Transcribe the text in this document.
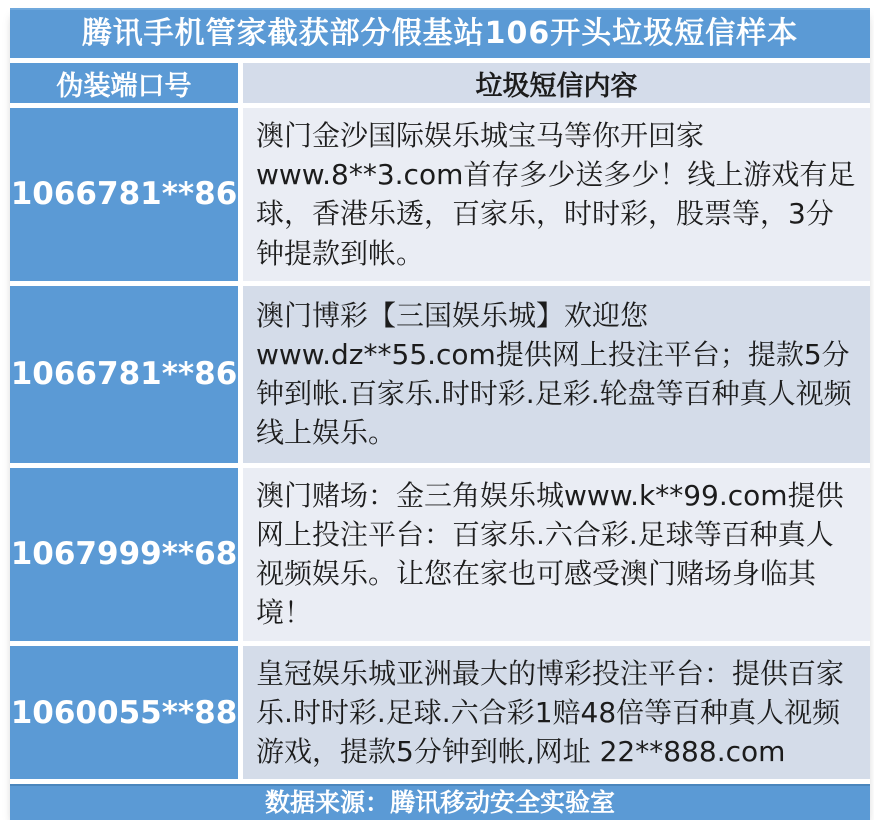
腾讯手机管家截获部分假基站106开头垃圾短信样本
伪装端口号	垃圾短信内容
1066781**86
澳门金沙国际娱乐城宝马等你开回家www.8**3.com首存多少送多少！线上游戏有足球，香港乐透，百家乐，时时彩，股票等，3分钟提款到帐。
1066781**86
澳门博彩【三国娱乐城】欢迎您www.dz**55.com提供网上投注平台；提款5分钟到帐.百家乐.时时彩.足彩.轮盘等百种真人视频线上娱乐。
1067999**68
澳门赌场：金三角娱乐城www.k**99.com提供网上投注平台：百家乐.六合彩.足球等百种真人视频娱乐。让您在家也可感受澳门赌场身临其境！
1060055**88
皇冠娱乐城亚洲最大的博彩投注平台：提供百家乐.时时彩.足球.六合彩1赔48倍等百种真人视频游戏，提款5分钟到帐,网址 22**888.com
数据来源：腾讯移动安全实验室
